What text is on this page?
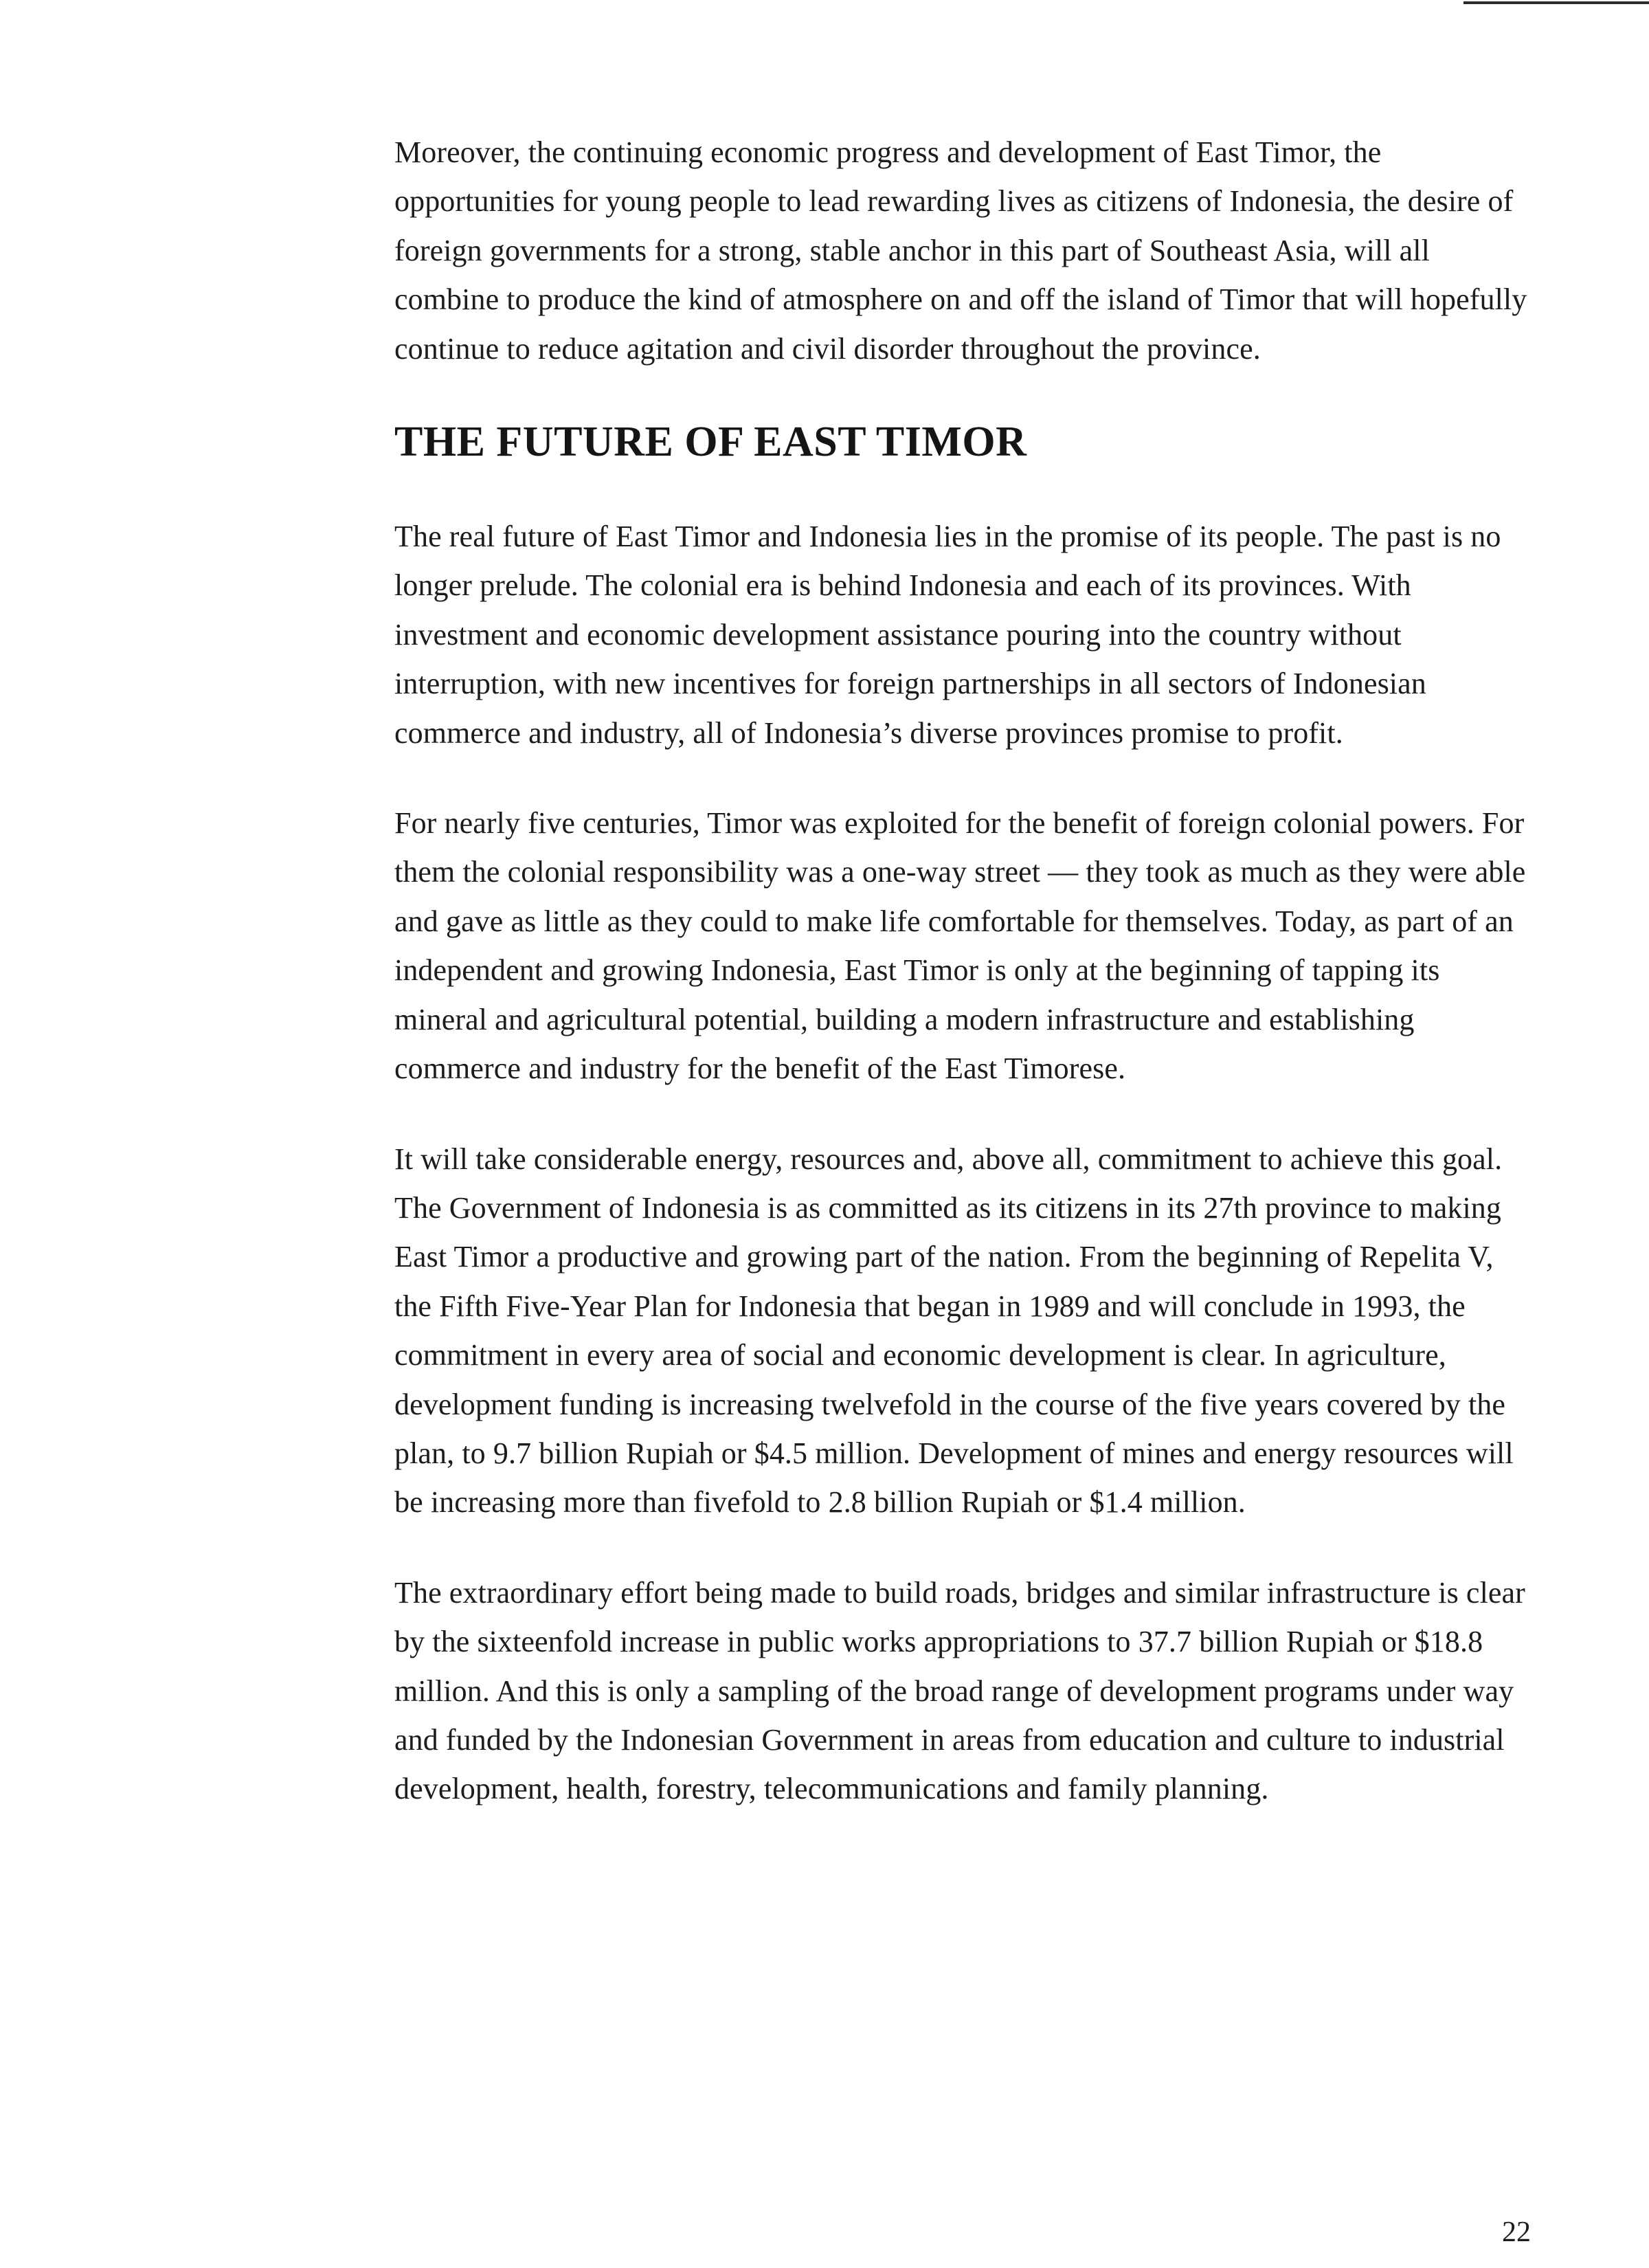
Moreover, the continuing economic progress and development of East Timor, the opportunities for young people to lead rewarding lives as citizens of Indonesia, the desire of foreign governments for a strong, stable anchor in this part of Southeast Asia, will all combine to produce the kind of atmosphere on and off the island of Timor that will hopefully continue to reduce agitation and civil disorder throughout the province.

THE FUTURE OF EAST TIMOR

The real future of East Timor and Indonesia lies in the promise of its people. The past is no longer prelude. The colonial era is behind Indonesia and each of its provinces. With investment and economic development assistance pouring into the country without interruption, with new incentives for foreign partnerships in all sectors of Indonesian commerce and industry, all of Indonesia’s diverse provinces promise to profit.

For nearly five centuries, Timor was exploited for the benefit of foreign colonial powers. For them the colonial responsibility was a one-way street — they took as much as they were able and gave as little as they could to make life comfortable for themselves. Today, as part of an independent and growing Indonesia, East Timor is only at the beginning of tapping its mineral and agricultural potential, building a modern infrastructure and establishing commerce and industry for the benefit of the East Timorese.

It will take considerable energy, resources and, above all, commitment to achieve this goal. The Government of Indonesia is as committed as its citizens in its 27th province to making East Timor a productive and growing part of the nation. From the beginning of Repelita V, the Fifth Five-Year Plan for Indonesia that began in 1989 and will conclude in 1993, the commitment in every area of social and economic development is clear. In agriculture, development funding is increasing twelvefold in the course of the five years covered by the plan, to 9.7 billion Rupiah or $4.5 million. Development of mines and energy resources will be increasing more than fivefold to 2.8 billion Rupiah or $1.4 million.

The extraordinary effort being made to build roads, bridges and similar infrastructure is clear by the sixteenfold increase in public works appropriations to 37.7 billion Rupiah or $18.8 million. And this is only a sampling of the broad range of development programs under way and funded by the Indonesian Government in areas from education and culture to industrial development, health, forestry, telecommunications and family planning.

22
